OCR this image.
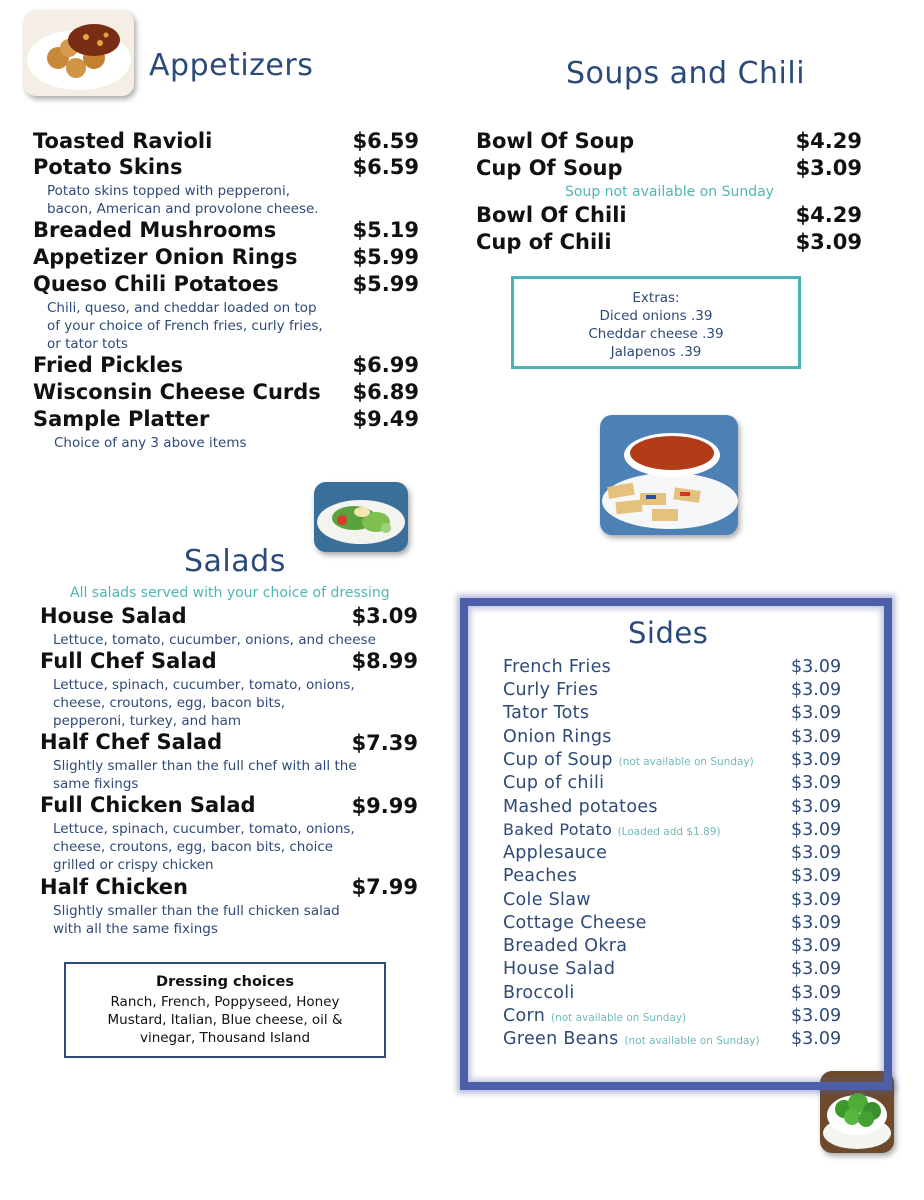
Appetizers	Soups and Chili
Salads
Toasted Ravioli	$6.59
Potato Skins	$6.59
Potato skins topped with pepperoni,
bacon, American and provolone cheese.
Breaded Mushrooms	$5.19
Appetizer Onion Rings	$5.99
Queso Chili Potatoes	$5.99
Chili, queso, and cheddar loaded on top
of your choice of French fries, curly fries,
or tator tots
Fried Pickles	$6.99
Wisconsin Cheese Curds	$6.89
Sample Platter	$9.49
Choice of any 3 above items
Bowl Of Soup	$4.29
Cup Of Soup	$3.09
Soup not available on Sunday
Bowl Of Chili	$4.29
Cup of Chili	$3.09
Extras:
Diced onions .39
Cheddar cheese .39
Jalapenos .39
All salads served with your choice of dressing
House Salad	$3.09
Lettuce, tomato, cucumber, onions, and cheese
Full Chef Salad	$8.99
Lettuce, spinach, cucumber, tomato, onions,
cheese, croutons, egg, bacon bits,
pepperoni, turkey, and ham
Half Chef Salad	$7.39
Slightly smaller than the full chef with all the
same fixings
Full Chicken Salad	$9.99
Lettuce, spinach, cucumber, tomato, onions,
cheese, croutons, egg, bacon bits, choice
grilled or crispy chicken
Half Chicken	$7.99
Slightly smaller than the full chicken salad
with all the same fixings
Dressing choices
Ranch, French, Poppyseed, Honey
Mustard, Italian, Blue cheese, oil &
vinegar, Thousand Island
Sides
French Fries	$3.09
Curly Fries	$3.09
Tator Tots	$3.09
Onion Rings	$3.09
Cup of Soup (not available on Sunday) $3.09
Cup of chili	$3.09
Mashed potatoes	$3.09
Baked Potato (Loaded add $1.89)	$3.09
Applesauce	$3.09
Peaches	$3.09
Cole Slaw	$3.09
Cottage Cheese	$3.09
Breaded Okra	$3.09
House Salad	$3.09
Broccoli	$3.09
Corn (not available on Sunday)	$3.09
Green Beans (not available on Sunday) $3.09
